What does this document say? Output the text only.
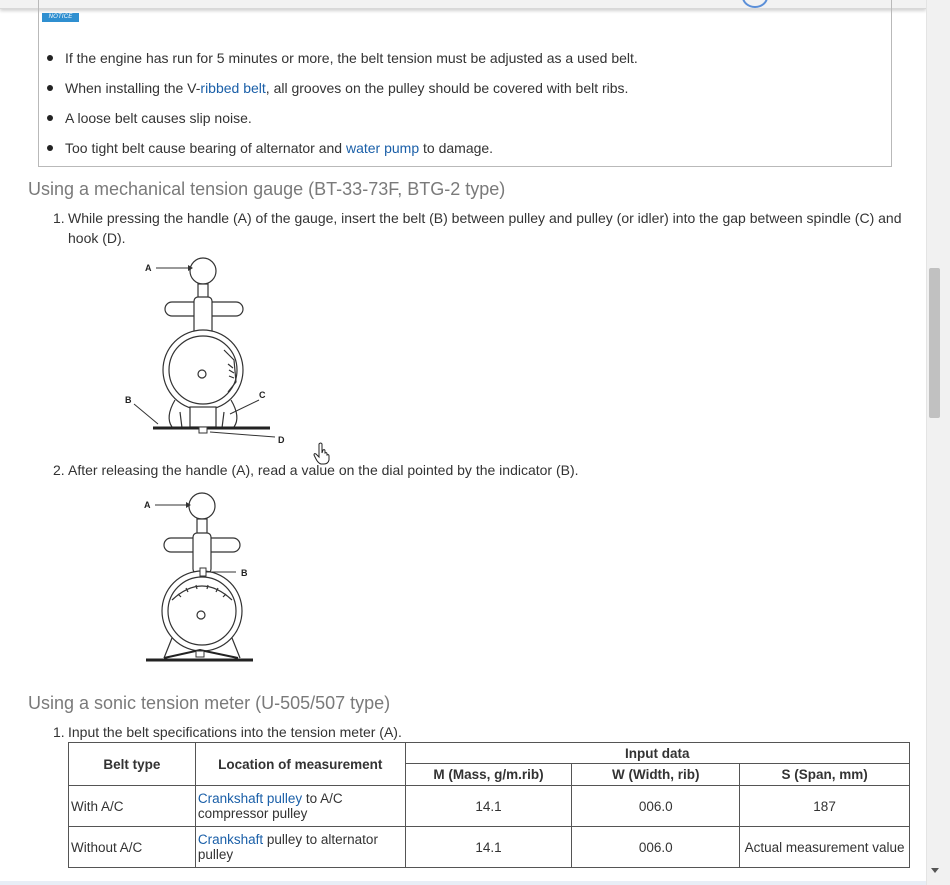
NOTICE
If the engine has run for 5 minutes or more, the belt tension must be adjusted as a used belt.
When installing the V-ribbed belt, all grooves on the pulley should be covered with belt ribs.
A loose belt causes slip noise.
Too tight belt cause bearing of alternator and water pump to damage.
Using a mechanical tension gauge (BT-33-73F, BTG-2 type)
1. While pressing the handle (A) of the gauge, insert the belt (B) between pulley and pulley (or idler) into the gap between spindle (C) and
hook (D).
A
B	C
D
2. After releasing the handle (A), read a value on the dial pointed by the indicator (B).
A
B
Using a sonic tension meter (U-505/507 type)
1. Input the belt specifications into the tension meter (A).
Belt type	Location of measurement	Input data		
		M (Mass, g/m.rib)	W (Width, rib)	S (Span, mm)
With A/C	Crankshaft pulley to A/C compressor pulley	14.1	006.0	187
Without A/C	Crankshaft pulley to alternator pulley	14.1	006.0	Actual measurement value
